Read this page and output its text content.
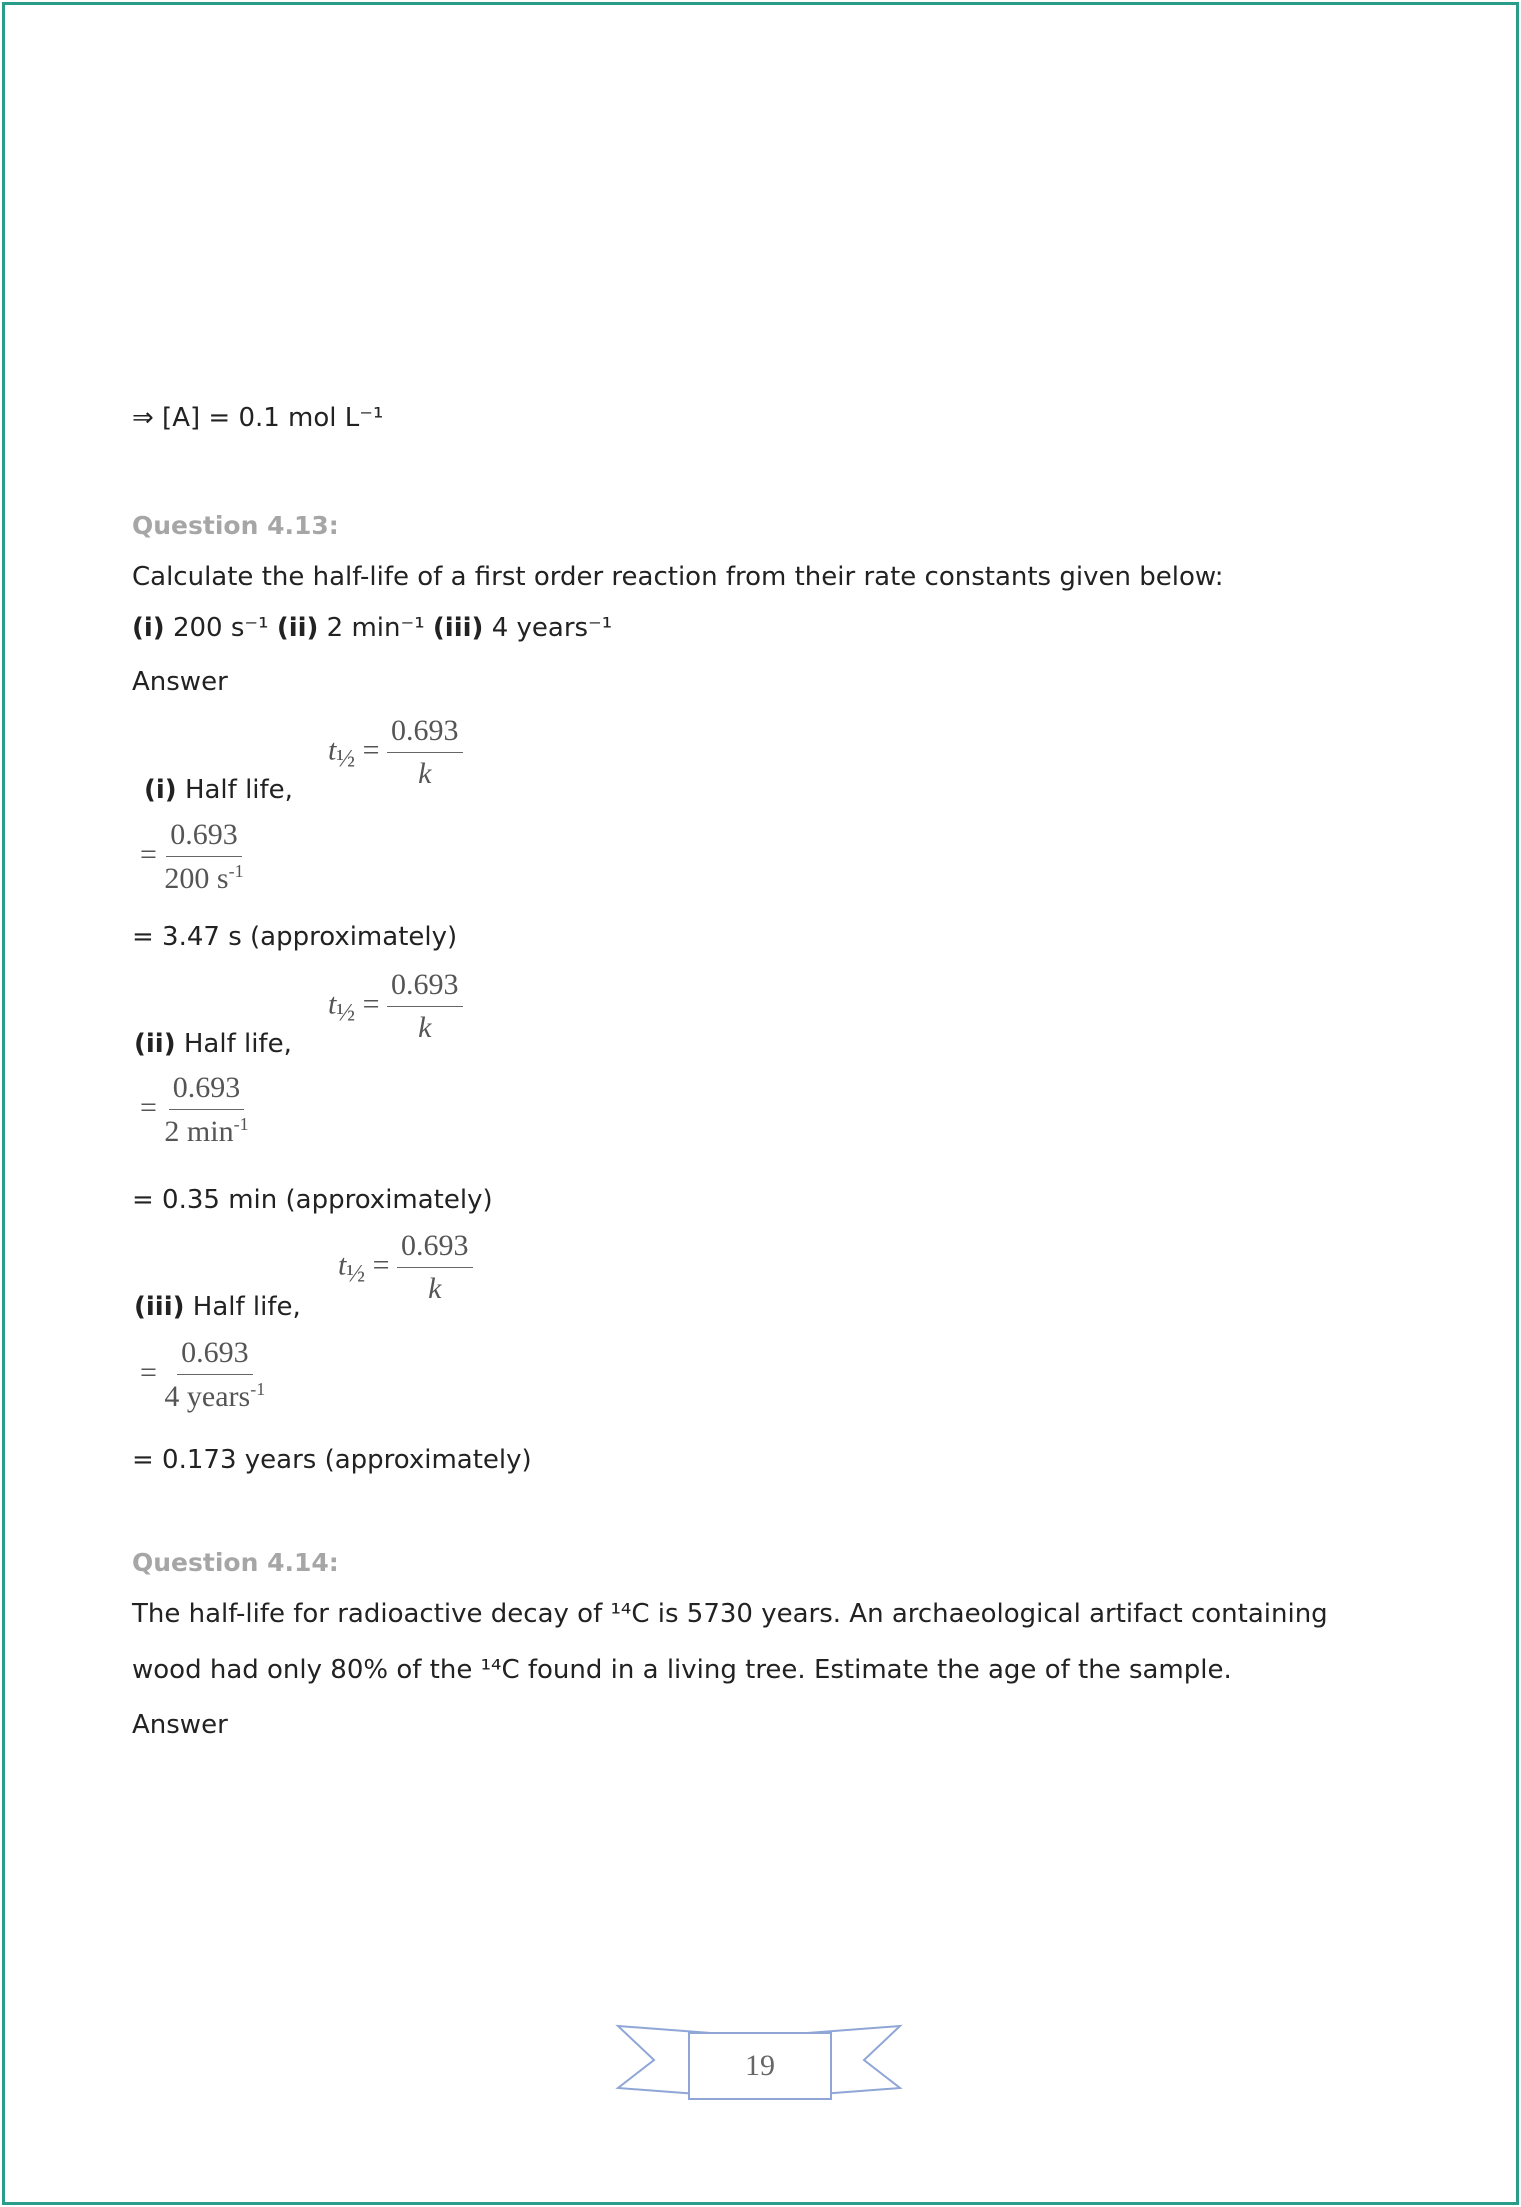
⇒ [A] = 0.1 mol L⁻¹
Question 4.13:
Calculate the half-life of a first order reaction from their rate constants given below:
(i) 200 s⁻¹ (ii) 2 min⁻¹ (iii) 4 years⁻¹
Answer
(i) Half life,
$t_{\frac{1}{2}} = \frac{0.693}{k}$
= $\frac{0.693}{200 s^{-1}}$
= 3.47 s (approximately)
(ii) Half life,
$t_{\frac{1}{2}} = \frac{0.693}{k}$
= $\frac{0.693}{2 \min^{-1}}$
= 0.35 min (approximately)
(iii) Half life,
$t_{\frac{1}{2}} = \frac{0.693}{k}$
= $\frac{0.693}{4 years^{-1}}$
= 0.173 years (approximately)
Question 4.14:
The half-life for radioactive decay of ¹⁴C is 5730 years. An archaeological artifact containing
wood had only 80% of the ¹⁴C found in a living tree. Estimate the age of the sample.
Answer
19
